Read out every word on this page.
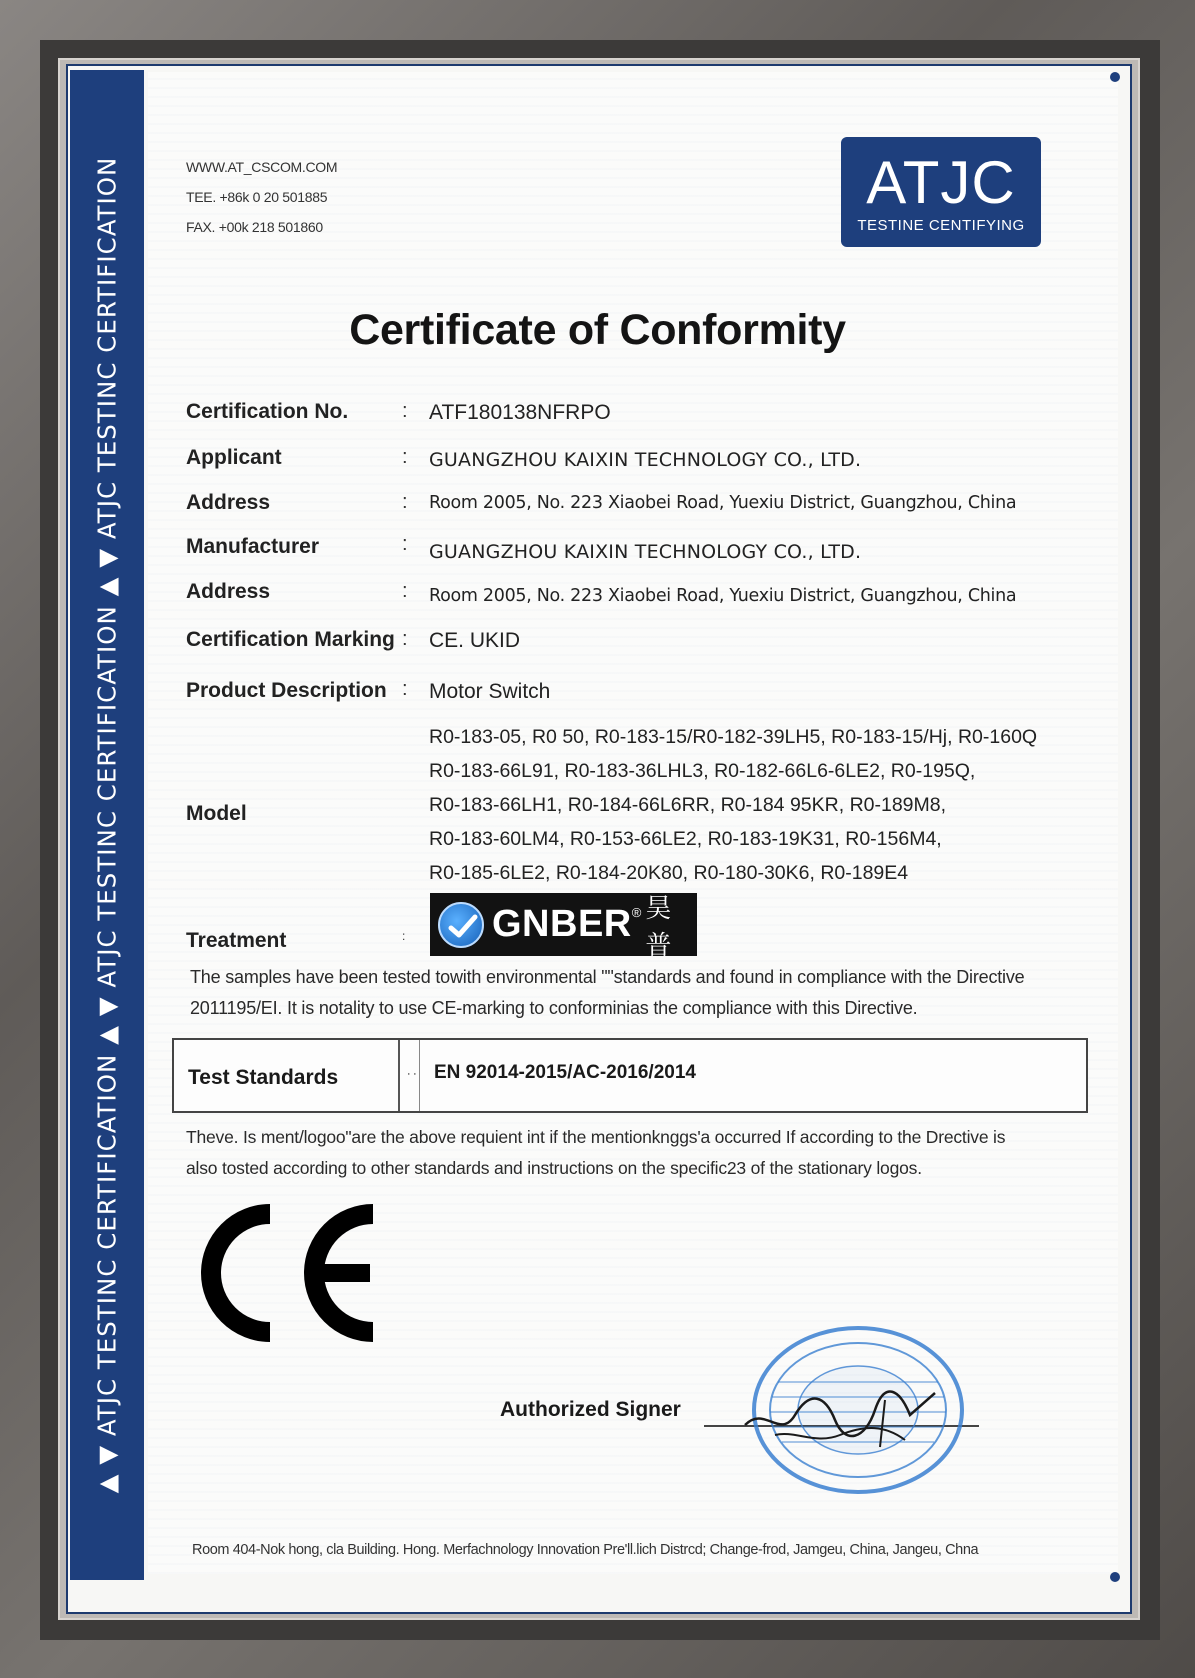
▲ ▼ ATJC TESTINC CERTIFICATION ▲ ▼ ATJC TESTINC CERTIFICATION ▲ ▼ ATJC TESTINC CERTIFICATION	WWW.AT_CSCOM.COM
TEE. +86k 0 20 501885
FAX. +00k 218 501860
ATJC
TESTINE CENTIFYING
Certificate of Conformity
Certification No.	: ATF180138NFRPO
Applicant	: GUANGZHOU KAIXIN TECHNOLOGY CO., LTD.
Address	: Room 2005, No. 223 Xiaobei Road, Yuexiu District, Guangzhou, China
Manufacturer	: GUANGZHOU KAIXIN TECHNOLOGY CO., LTD.
Address	: Room 2005, No. 223 Xiaobei Road, Yuexiu District, Guangzhou, China
Certification Marking : CE. UKID
Product Description : Motor Switch
Model
R0-183-05, R0 50, R0-183-15/R0-182-39LH5, R0-183-15/Hj, R0-160Q
R0-183-66L91, R0-183-36LHL3, R0-182-66L6-6LE2, R0-195Q,
R0-183-66LH1, R0-184-66L6RR, R0-184 95KR, R0-189M8,
R0-183-60LM4, R0-153-66LE2, R0-183-19K31, R0-156M4,
R0-185-6LE2, R0-184-20K80, R0-180-30K6, R0-189E4
Treatment	: GNBER ® 昊普
The samples have been tested towith environmental ""standards and found in compliance with the Directive
2011195/EI. It is notality to use CE-marking to conforminias the compliance with this Directive.
Test Standards	: EN 92014-2015/AC-2016/2014
Theve. Is ment/logoo"are the above requient int if the mentionknggs'a occurred If according to the Drective is
also tosted according to other standards and instructions on the specific23 of the stationary logos.
Authorized Signer
Room 404-Nok hong, cla Building. Hong. Merfachnology Innovation Pre'll.lich Distrcd; Change-frod, Jamgeu, China, Jangeu, Chna
